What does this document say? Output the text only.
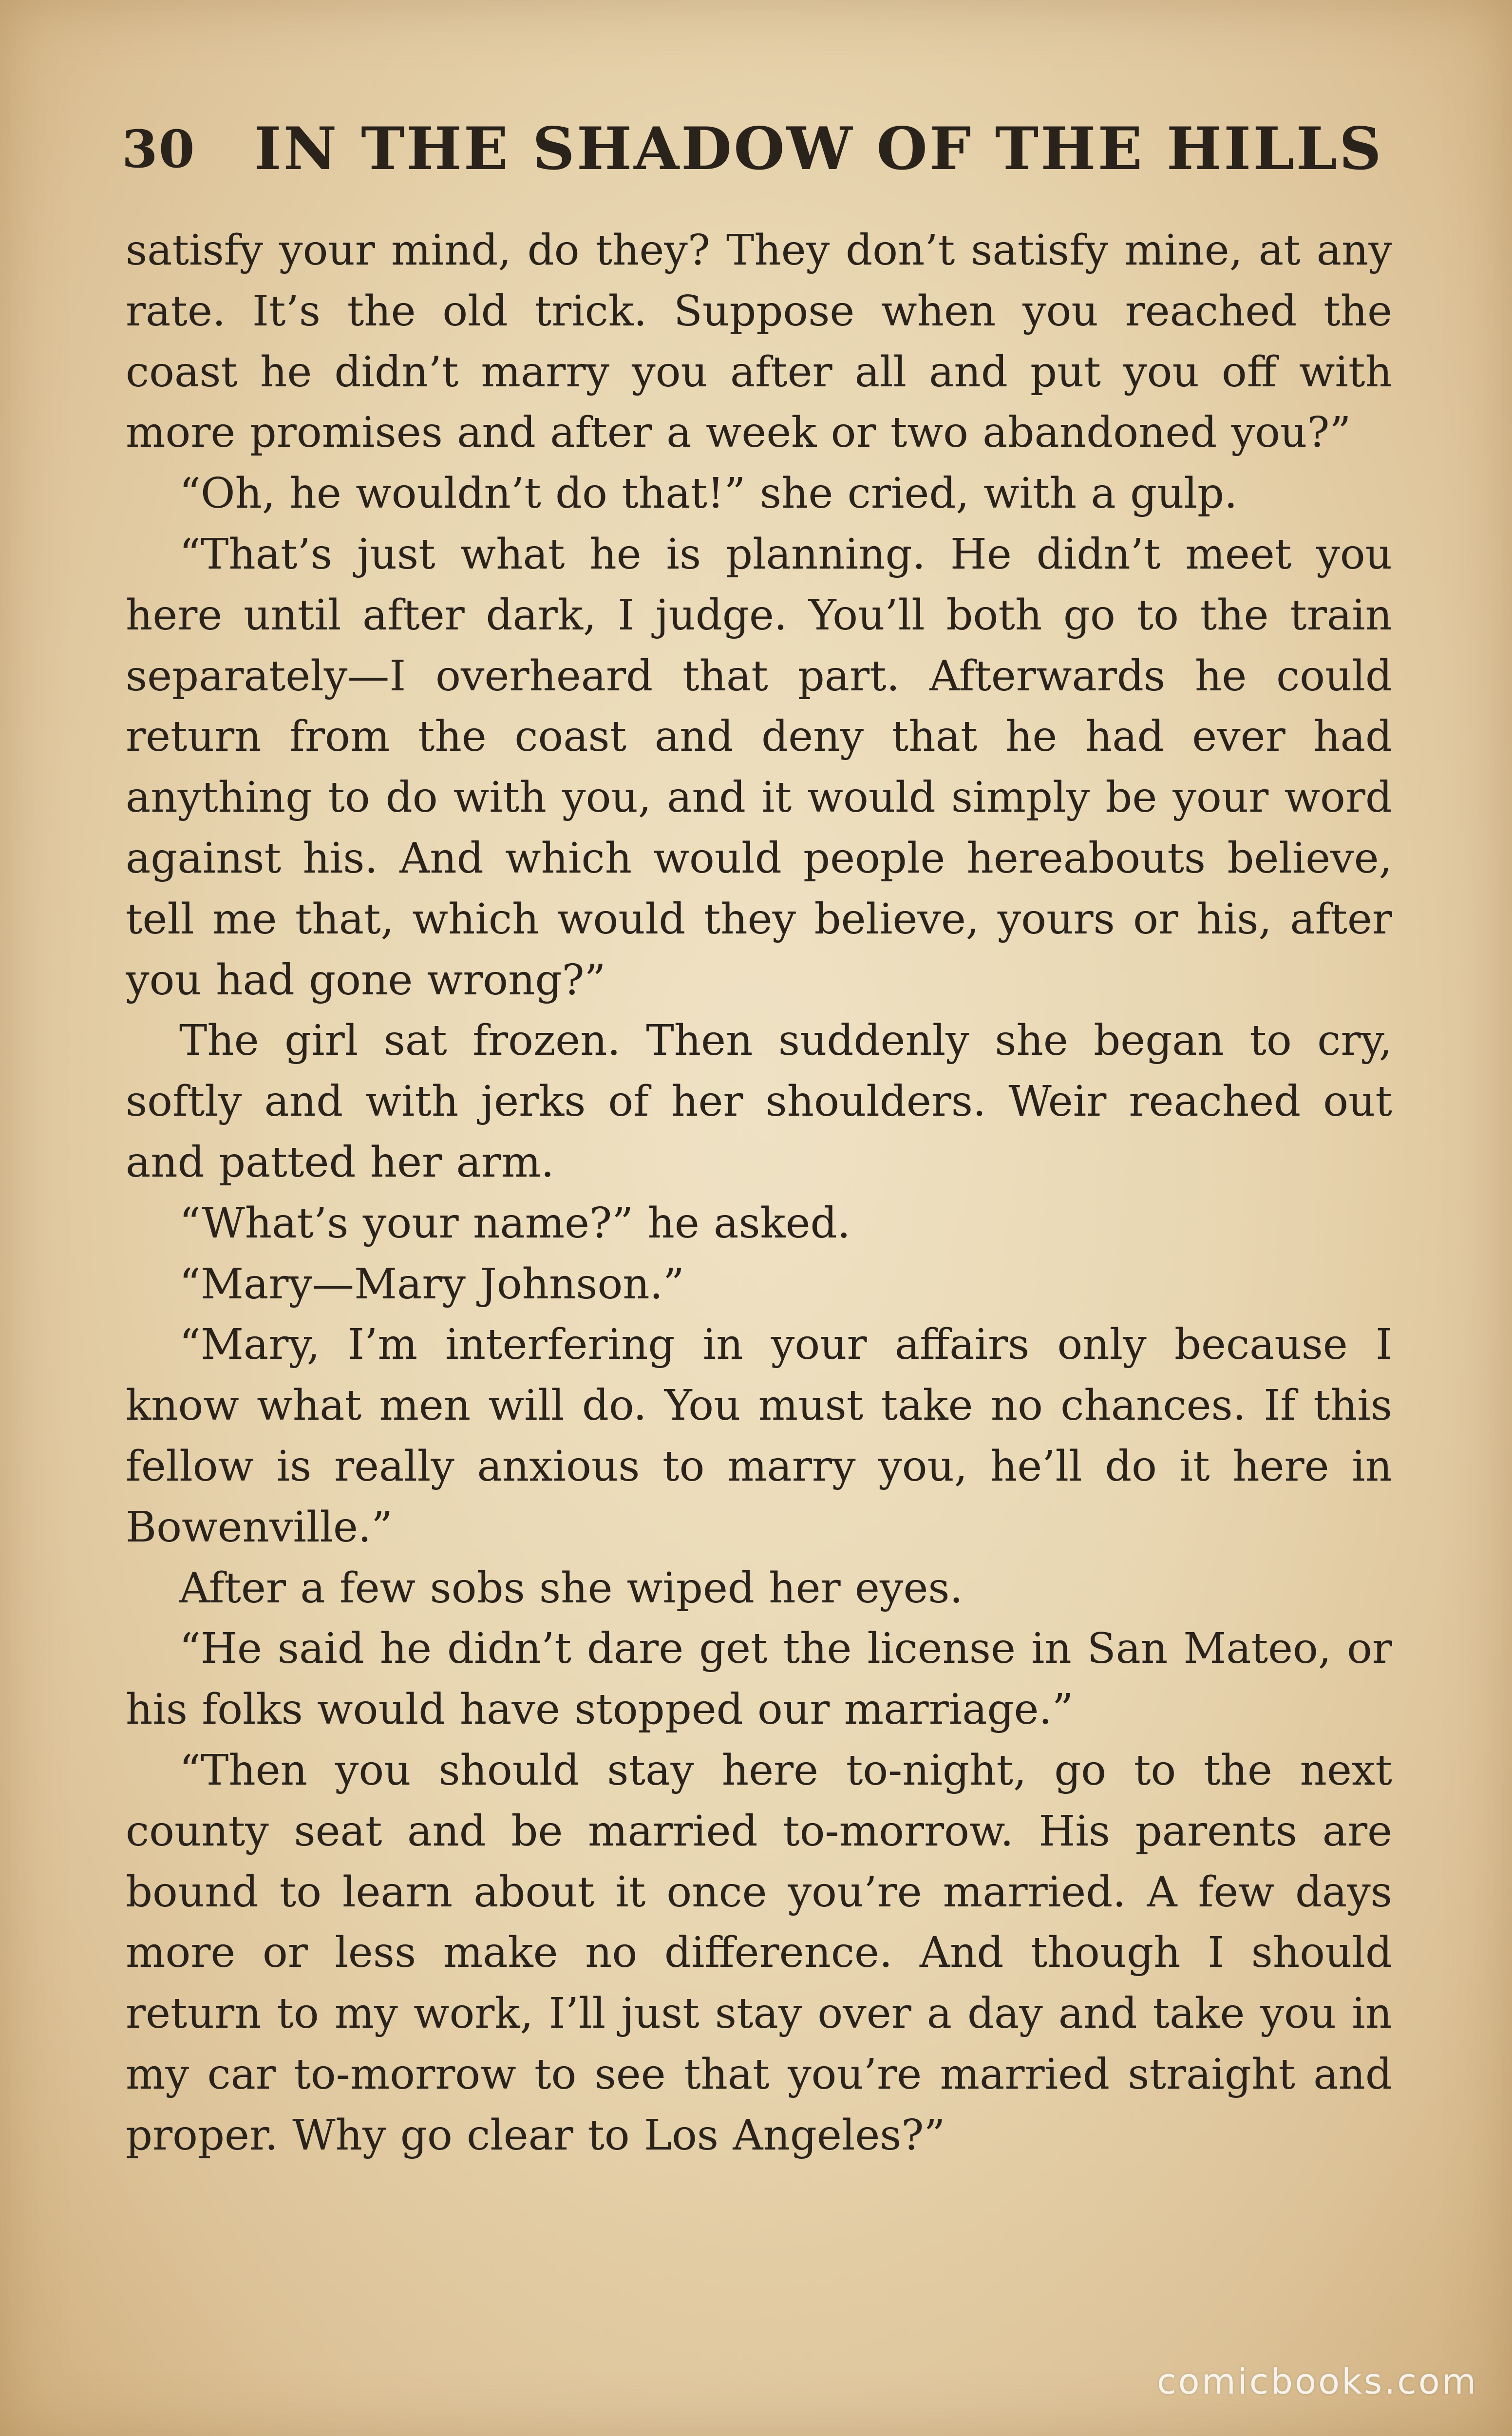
30 IN THE SHADOW OF THE HILLS

satisfy your mind, do they? They don’t satisfy mine, at any rate. It’s the old trick. Suppose when you reached the coast he didn’t marry you after all and put you off with more promises and after a week or two abandoned you?”

“Oh, he wouldn’t do that!” she cried, with a gulp.

“That’s just what he is planning. He didn’t meet you here until after dark, I judge. You’ll both go to the train separately—I overheard that part. Afterwards he could return from the coast and deny that he had ever had anything to do with you, and it would simply be your word against his. And which would people hereabouts believe, tell me that, which would they believe, yours or his, after you had gone wrong?”

The girl sat frozen. Then suddenly she began to cry, softly and with jerks of her shoulders. Weir reached out and patted her arm.

“What’s your name?” he asked.

“Mary—Mary Johnson.”

“Mary, I’m interfering in your affairs only because I know what men will do. You must take no chances. If this fellow is really anxious to marry you, he’ll do it here in Bowenville.”

After a few sobs she wiped her eyes.

“He said he didn’t dare get the license in San Mateo, or his folks would have stopped our marriage.”

“Then you should stay here to-night, go to the next county seat and be married to-morrow. His parents are bound to learn about it once you’re married. A few days more or less make no difference. And though I should return to my work, I’ll just stay over a day and take you in my car to-morrow to see that you’re married straight and proper. Why go clear to Los Angeles?”

comicbooks.com
